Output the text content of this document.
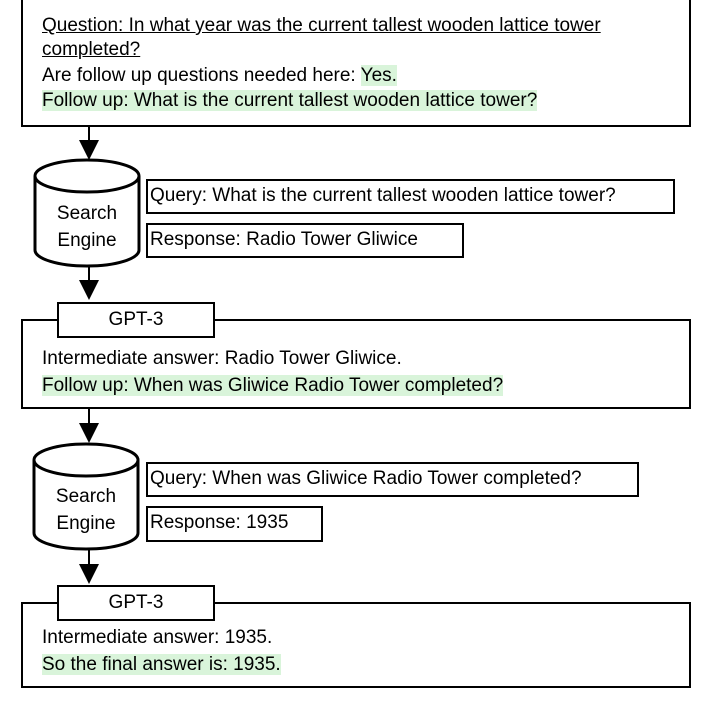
Question: In what year was the current tallest wooden lattice tower
completed?
Are follow up questions needed here: Yes.
Follow up: What is the current tallest wooden lattice tower?
Search
Engine
Query: What is the current tallest wooden lattice tower?
Response: Radio Tower Gliwice
GPT-3
Intermediate answer: Radio Tower Gliwice.
Follow up: When was Gliwice Radio Tower completed?
Search
Engine
Query: When was Gliwice Radio Tower completed?
Response: 1935
GPT-3
Intermediate answer: 1935.
So the final answer is: 1935.
